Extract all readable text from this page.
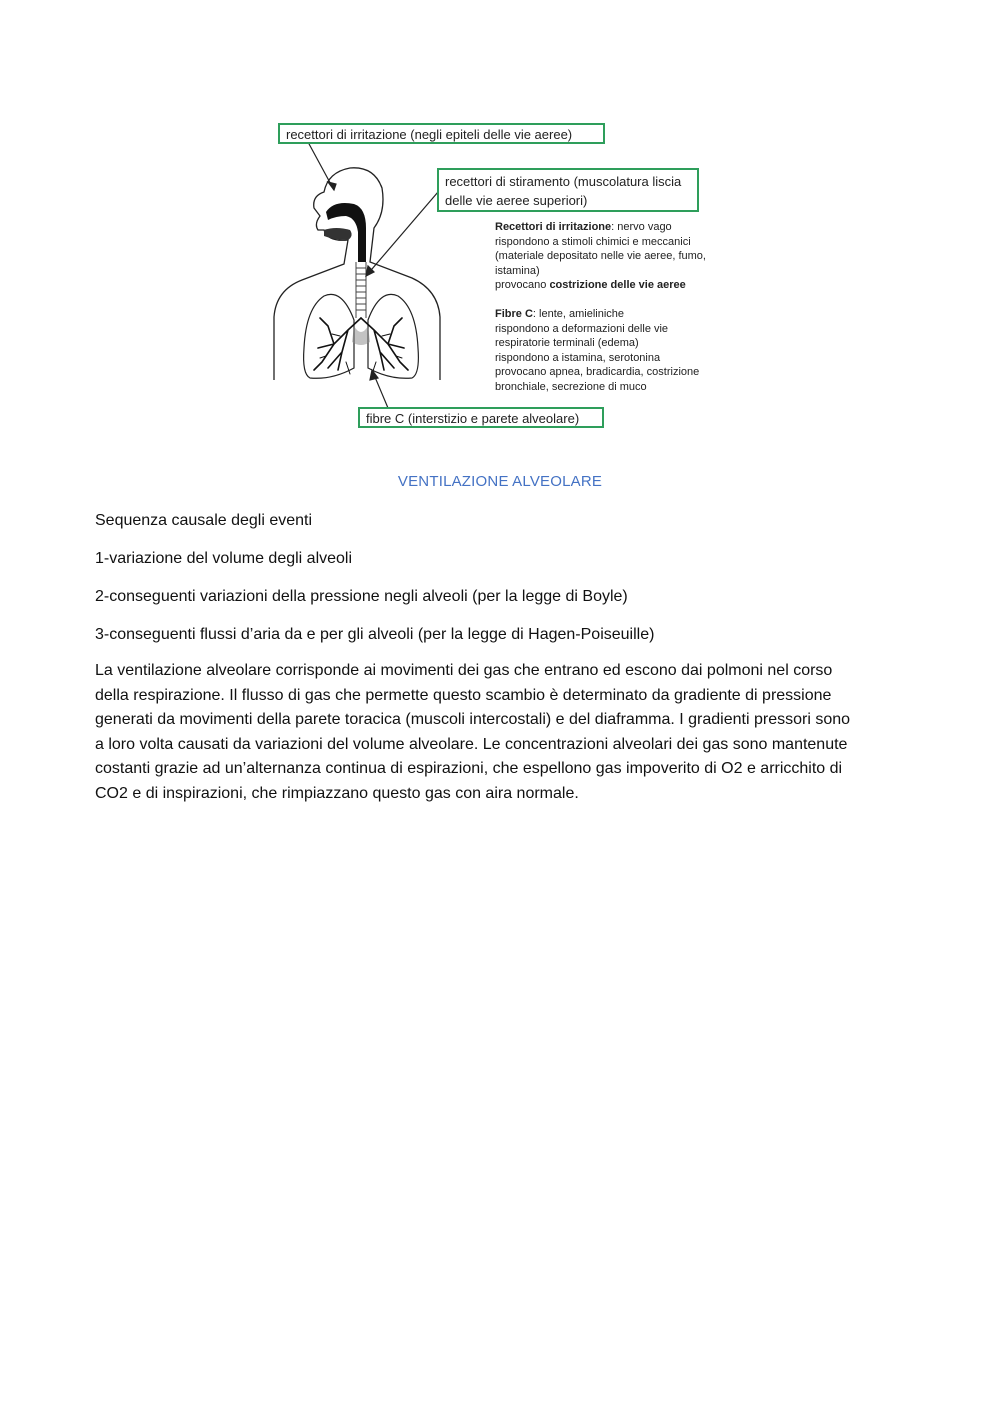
recettori di irritazione (negli epiteli delle vie aeree)
recettori di stiramento (muscolatura liscia
delle vie aeree superiori)
fibre C (interstizio e parete alveolare)

Recettori di irritazione: nervo vago

rispondono a stimoli chimici e meccanici

(materiale depositato nelle vie aeree, fumo,

istamina)

provocano costrizione delle vie aeree

Fibre C: lente, amieliniche

rispondono a deformazioni delle vie

respiratorie terminali (edema)

rispondono a istamina, serotonina

provocano apnea, bradicardia, costrizione

bronchiale, secrezione di muco

VENTILAZIONE ALVEOLARE
Sequenza causale degli eventi
1-variazione del volume degli alveoli
2-conseguenti variazioni della pressione negli alveoli (per la legge di Boyle)
3-conseguenti flussi d’aria da e per gli alveoli (per la legge di Hagen-Poiseuille)
La ventilazione alveolare corrisponde ai movimenti dei gas che entrano ed escono dai polmoni nel corso
della respirazione. Il flusso di gas che permette questo scambio è determinato da gradiente di pressione
generati da movimenti della parete toracica (muscoli intercostali) e del diaframma. I gradienti pressori sono
a loro volta causati da variazioni del volume alveolare. Le concentrazioni alveolari dei gas sono mantenute
costanti grazie ad un’alternanza continua di espirazioni, che espellono gas impoverito di O2 e arricchito di
CO2 e di inspirazioni, che rimpiazzano questo gas con aira normale.
